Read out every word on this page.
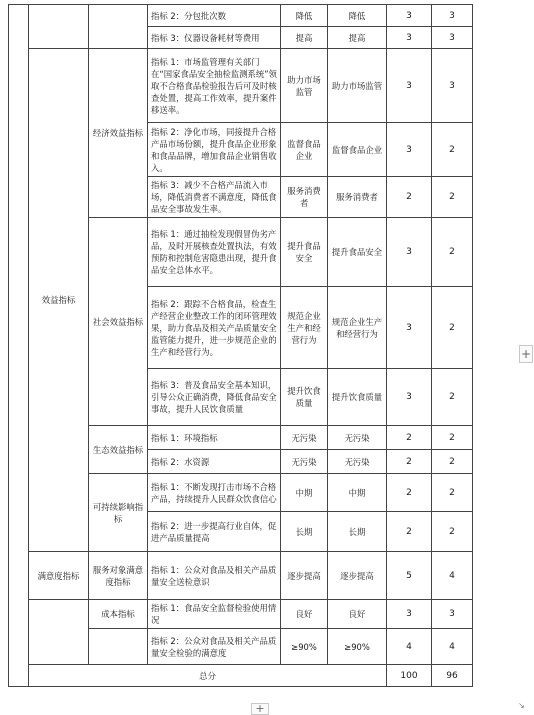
			指标 2：分包批次数	降低	降低	3	3
			指标 3：仪器设备耗材等费用	提高	提高	3	3
	效益指标	经济效益指标	指标 1：市场监管理有关部门在“国家食品安全抽检监测系统”领取不合格食品检验报告后可及时核查处置，提高工作效率，提升案件移送率。	助力市场监管	助力市场监管	3	3
			指标 2：净化市场，同接提升合格产品市场份额，提升食品企业形象和食品品牌，增加食品企业销售收入。	监督食品企业	监督食品企业	3	2
			指标 3：减少不合格产品流入市场，降低消费者不满意度，降低食品安全事故发生率。	服务消费者	服务消费者	2	2
		社会效益指标	指标 1：通过抽检发现假冒伪劣产品，及时开展核查处置执法，有效预防和控制危害隐患出现，提升食品安全总体水平。	提升食品安全	提升食品安全	3	2
			指标 2：跟踪不合格食品，检查生产经营企业整改工作的闭环管理效果，助力食品及相关产品质量安全监管能力提升，进一步规范企业的生产和经营行为。	规范企业生产和经营行为	规范企业生产和经营行为	3	2
			指标 3：普及食品安全基本知识，引导公众正确消费，降低食品安全事故，提升人民饮食质量	提升饮食质量	提升饮食质量	3	2
		生态效益指标	指标 1：环境指标	无污染	无污染	2	2
			指标 2：水资源	无污染	无污染	2	2
		可持续影响指标	指标 1：不断发现打击市场不合格产品，持续提升人民群众饮食信心	中期	中期	2	2
			指标 2：进一步提高行业自体，促进产品质量提高	长期	长期	2	2
	满意度指标	服务对象满意度指标	指标 1：公众对食品及相关产品质量安全送检意识	逐步提高	逐步提高	5	4
		成本指标	指标 1：食品安全监督检验使用情况	良好	良好	3	3
			指标 2：公众对食品及相关产品质量安全检验的满意度	≥90%	≥90%	4	4
	总分					100	96
+
+	↘
